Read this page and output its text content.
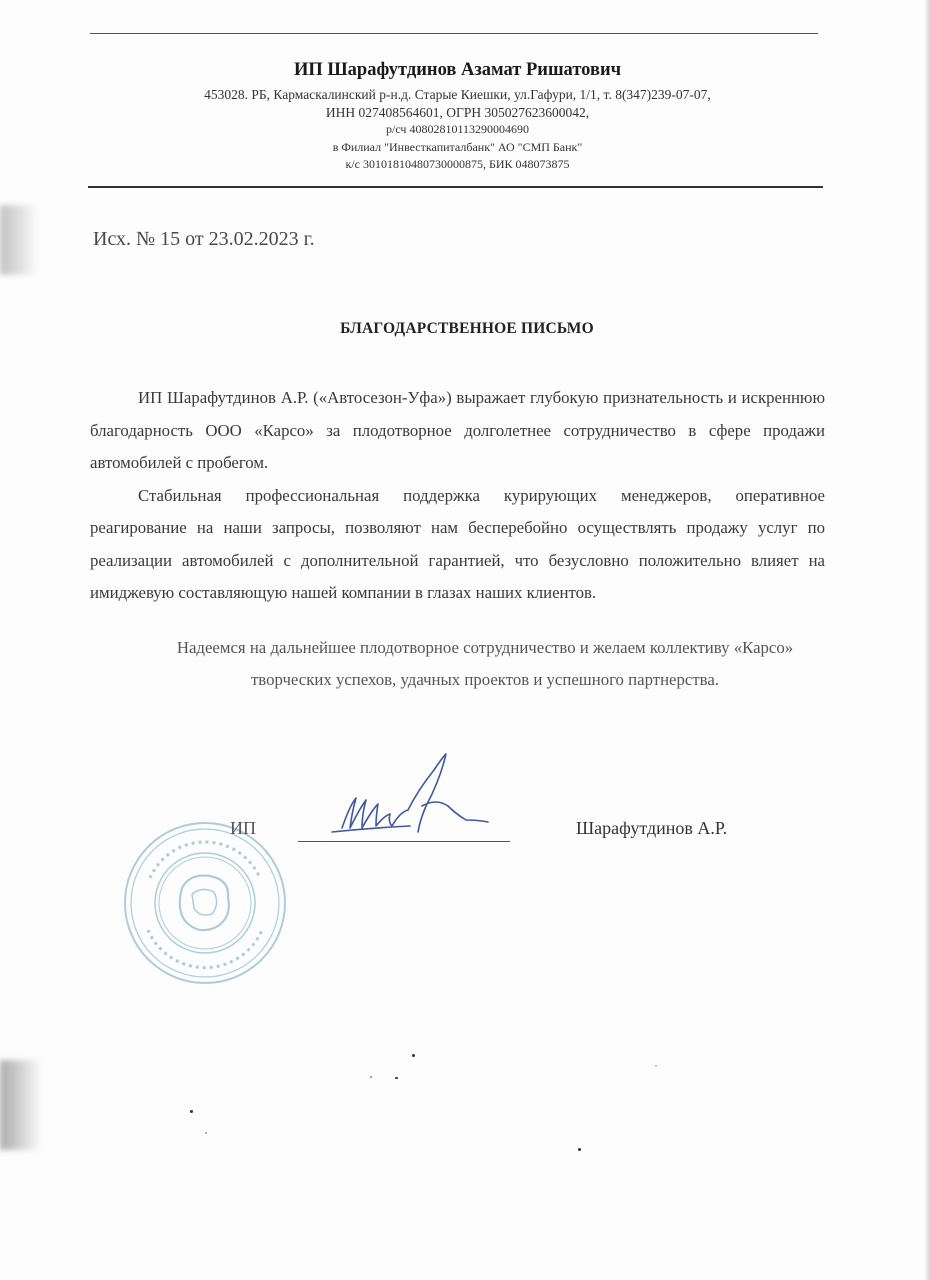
ИП Шарафутдинов Азамат Ришатович
453028. РБ, Кармаскалинский р-н.д. Старые Киешки, ул.Гафури, 1/1, т. 8(347)239-07-07,
ИНН 027408564601, ОГРН 305027623600042,
р/сч 40802810113290004690
в Филиал "Инвесткапиталбанк" АО "СМП Банк"
к/с 30101810480730000875, БИК 048073875
Исх. № 15 от 23.02.2023 г.
БЛАГОДАРСТВЕННОЕ ПИСЬМО

ИП Шарафутдинов А.Р. («Автосезон-Уфа») выражает глубокую признательность и искреннюю благодарность ООО «Карсо» за плодотворное долголетнее сотрудничество в сфере продажи автомобилей с пробегом.

Стабильная профессиональная поддержка курирующих менеджеров, оперативное реагирование на наши запросы, позволяют нам бесперебойно осуществлять продажу услуг по реализации автомобилей с дополнительной гарантией, что безусловно положительно влияет на имиджевую составляющую нашей компании в глазах наших клиентов.

Надеемся на дальнейшее плодотворное сотрудничество и желаем коллективу «Карсо»
творческих успехов, удачных проектов и успешного партнерства.
ИП	Шарафутдинов А.Р.
